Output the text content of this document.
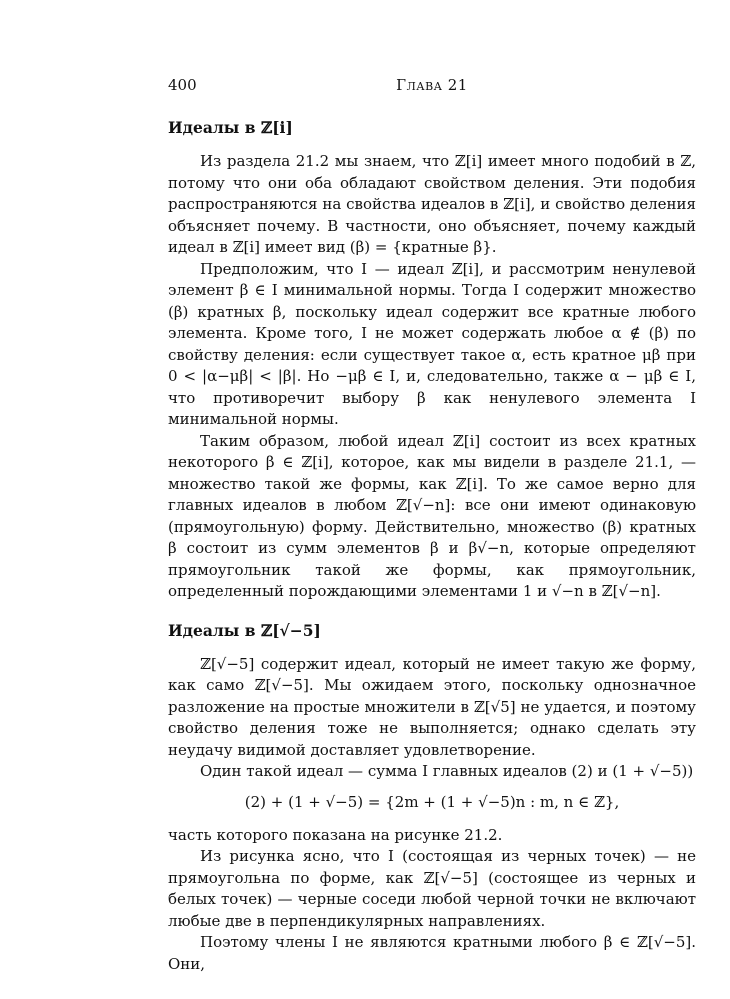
400	Глава 21
Идеалы в ℤ[i]

Из раздела 21.2 мы знаем, что ℤ[i] имеет много подобий в ℤ, потому что они оба обладают свойством деления. Эти подобия распространяются на свойства идеалов в ℤ[i], и свойство деления объясняет почему. В частности, оно объясняет, почему каждый идеал в ℤ[i] имеет вид (β) = {кратные β}.

Предположим, что I — идеал ℤ[i], и рассмотрим ненулевой элемент β ∈ I минимальной нормы. Тогда I содержит множество (β) кратных β, поскольку идеал содержит все кратные любого элемента. Кроме того, I не может содержать любое α ∉ (β) по свойству деления: если существует такое α, есть кратное μβ при 0 < |α−μβ| < |β|. Но −μβ ∈ I, и, следовательно, также α − μβ ∈ I, что противоречит выбору β как ненулевого элемента I минимальной нормы.

Таким образом, любой идеал ℤ[i] состоит из всех кратных некоторого β ∈ ℤ[i], которое, как мы видели в разделе 21.1, — множество такой же формы, как ℤ[i]. То же самое верно для главных идеалов в любом ℤ[√−n]: все они имеют одинаковую (прямоугольную) форму. Действительно, множество (β) кратных β состоит из сумм элементов β и β√−n, которые определяют прямоугольник такой же формы, как прямоугольник, определенный порождающими элементами 1 и √−n в ℤ[√−n].

Идеалы в ℤ[√−5]

ℤ[√−5] содержит идеал, который не имеет такую же форму, как само ℤ[√−5]. Мы ожидаем этого, поскольку однозначное разложение на простые множители в ℤ[√5] не удается, и поэтому свойство деления тоже не выполняется; однако сделать эту неудачу видимой доставляет удовлетворение.

Один такой идеал — сумма I главных идеалов (2) и (1 + √−5))

(2) + (1 + √−5) = {2m + (1 + √−5)n : m, n ∈ ℤ},

часть которого показана на рисунке 21.2.

Из рисунка ясно, что I (состоящая из черных точек) — не прямоугольна по форме, как ℤ[√−5] (состоящее из черных и белых точек) — черные соседи любой черной точки не включают любые две в перпендикулярных направлениях.

Поэтому члены I не являются кратными любого β ∈ ℤ[√−5]. Они,
